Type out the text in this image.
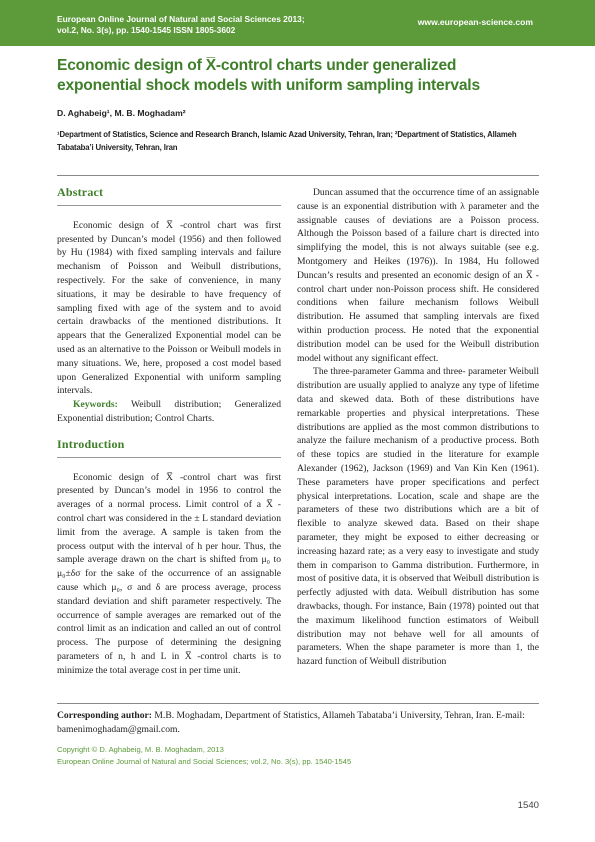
European Online Journal of Natural and Social Sciences 2013;
vol.2, No. 3(s), pp. 1540-1545 ISSN 1805-3602
www.european-science.com
Economic design of X̅-control charts under generalized exponential shock models with uniform sampling intervals
D. Aghabeig¹, M. B. Moghadam²
¹Department of Statistics, Science and Research Branch, Islamic Azad University, Tehran, Iran; ²Department of Statistics, Allameh Tabataba’i University, Tehran, Iran
Abstract

Economic design of X̅ -control chart was first presented by Duncan’s model (1956) and then followed by Hu (1984) with fixed sampling intervals and failure mechanism of Poisson and Weibull distributions, respectively. For the sake of convenience, in many situations, it may be desirable to have frequency of sampling fixed with age of the system and to avoid certain drawbacks of the mentioned distributions. It appears that the Generalized Exponential model can be used as an alternative to the Poisson or Weibull models in many situations. We, here, proposed a cost model based upon Generalized Exponential with uniform sampling intervals.

Keywords: Weibull distribution; Generalized Exponential distribution; Control Charts.

Introduction

Economic design of X̅ -control chart was first presented by Duncan’s model in 1956 to control the averages of a normal process. Limit control of a X̅ -control chart was considered in the ± L standard deviation limit from the average. A sample is taken from the process output with the interval of h per hour. Thus, the sample average drawn on the chart is shifted from μ₀ to μ₀±δσ for the sake of the occurrence of an assignable cause which μ₀, σ and δ are process average, process standard deviation and shift parameter respectively. The occurrence of sample averages are remarked out of the control limit as an indication and called an out of control process. The purpose of determining the designing parameters of n, h and L in X̅ -control charts is to minimize the total average cost in per time unit.

Duncan assumed that the occurrence time of an assignable cause is an exponential distribution with λ parameter and the assignable causes of deviations are a Poisson process. Although the Poisson based of a failure chart is directed into simplifying the model, this is not always suitable (see e.g. Montgomery and Heikes (1976)). In 1984, Hu followed Duncan’s results and presented an economic design of an X̅ -control chart under non-Poisson process shift. He considered conditions when failure mechanism follows Weibull distribution. He assumed that sampling intervals are fixed within production process. He noted that the exponential distribution model can be used for the Weibull distribution model without any significant effect.

The three-parameter Gamma and three- parameter Weibull distribution are usually applied to analyze any type of lifetime data and skewed data. Both of these distributions have remarkable properties and physical interpretations. These distributions are applied as the most common distributions to analyze the failure mechanism of a productive process. Both of these topics are studied in the literature for example Alexander (1962), Jackson (1969) and Van Kin Ken (1961). These parameters have proper specifications and perfect physical interpretations. Location, scale and shape are the parameters of these two distributions which are a bit of flexible to analyze skewed data. Based on their shape parameter, they might be exposed to either decreasing or increasing hazard rate; as a very easy to investigate and study them in comparison to Gamma distribution. Furthermore, in most of positive data, it is observed that Weibull distribution is perfectly adjusted with data. Weibull distribution has some drawbacks, though. For instance, Bain (1978) pointed out that the maximum likelihood function estimators of Weibull distribution may not behave well for all amounts of parameters. When the shape parameter is more than 1, the hazard function of Weibull distribution

Corresponding author: M.B. Moghadam, Department of Statistics, Allameh Tabataba’i University, Tehran, Iran. E-mail: bamenimoghadam@gmail.com.
Copyright © D. Aghabeig, M. B. Moghadam, 2013
European Online Journal of Natural and Social Sciences; vol.2, No. 3(s), pp. 1540-1545
1540
